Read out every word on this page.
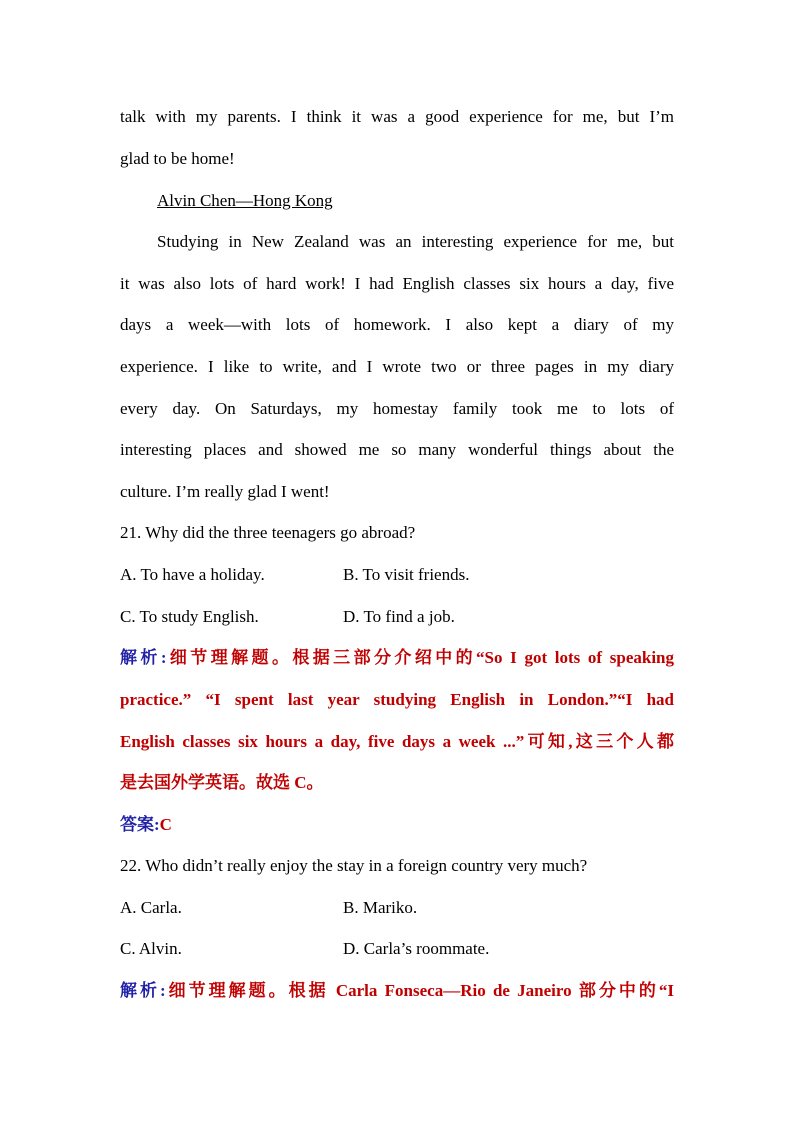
talk with my parents. I think it was a good experience for me, but I’m
glad to be home!
Alvin Chen—Hong Kong
Studying in New Zealand was an interesting experience for me, but
it was also lots of hard work! I had English classes six hours a day, five
days a week—with lots of homework. I also kept a diary of my
experience. I like to write, and I wrote two or three pages in my diary
every day. On Saturdays, my homestay family took me to lots of
interesting places and showed me so many wonderful things about the
culture. I’m really glad I went!
21. Why did the three teenagers go abroad?
A. To have a holiday.	B. To visit friends.
C. To study English.	D. To find a job.
解析:细节理解题。根据三部分介绍中的“So I got lots of speaking
practice.” “I spent last year studying English in London.”“I had
English classes six hours a day, five days a week ...”可知,这三个人都
是去国外学英语。故选 C。
答案:C
22. Who didn’t really enjoy the stay in a foreign country very much?
A. Carla.	B. Mariko.
C. Alvin.	D. Carla’s roommate.
解析:细节理解题。根据 Carla Fonseca—Rio de Janeiro 部分中的“I
